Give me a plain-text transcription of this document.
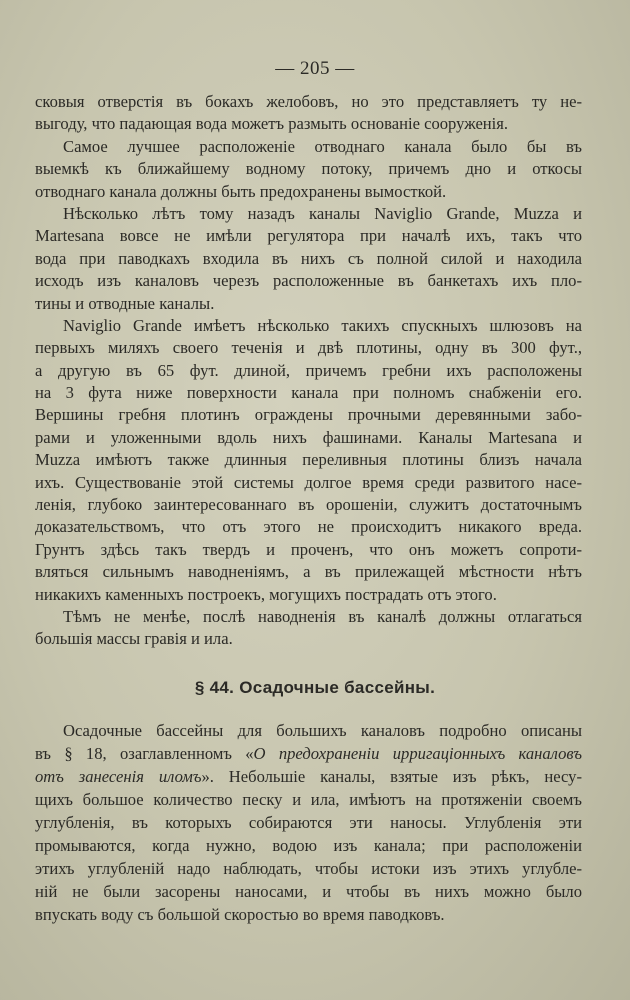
— 205 —
сковыя отверстія въ бокахъ желобовъ, но это представляетъ ту не-
выгоду, что падающая вода можетъ размыть основаніе сооруженія.
Самое лучшее расположеніе отводнаго канала было бы въ
выемкѣ къ ближайшему водному потоку, причемъ дно и откосы
отводнаго канала должны быть предохранены вымосткой.
Нѣсколько лѣтъ тому назадъ каналы Naviglio Grande, Muzza и
Martesana вовсе не имѣли регулятора при началѣ ихъ, такъ что
вода при паводкахъ входила въ нихъ съ полной силой и находила
исходъ изъ каналовъ черезъ расположенные въ банкетахъ ихъ пло-
тины и отводные каналы.
Naviglio Grande имѣетъ нѣсколько такихъ спускныхъ шлюзовъ на
первыхъ миляхъ своего теченія и двѣ плотины, одну въ 300 фут.,
а другую въ 65 фут. длиной, причемъ гребни ихъ расположены
на 3 фута ниже поверхности канала при полномъ снабженіи его.
Вершины гребня плотинъ ограждены прочными деревянными забо-
рами и уложенными вдоль нихъ фашинами. Каналы Martesana и
Muzza имѣютъ также длинныя переливныя плотины близъ начала
ихъ. Существованіе этой системы долгое время среди развитого насе-
ленія, глубоко заинтересованнаго въ орошеніи, служитъ достаточнымъ
доказательствомъ, что отъ этого не происходитъ никакого вреда.
Грунтъ здѣсь такъ твердъ и проченъ, что онъ можетъ сопроти-
вляться сильнымъ наводненіямъ, а въ прилежащей мѣстности нѣтъ
никакихъ каменныхъ построекъ, могущихъ пострадать отъ этого.
Тѣмъ не менѣе, послѣ наводненія въ каналѣ должны отлагаться
большія массы гравія и ила.
§ 44. Осадочные бассейны.
Осадочные бассейны для большихъ каналовъ подробно описаны
въ § 18, озаглавленномъ «О предохраненіи ирригаціонныхъ каналовъ
отъ занесенія иломъ». Небольшіе каналы, взятые изъ рѣкъ, несу-
щихъ большое количество песку и ила, имѣютъ на протяженіи своемъ
углубленія, въ которыхъ собираются эти наносы. Углубленія эти
промываются, когда нужно, водою изъ канала; при расположеніи
этихъ углубленій надо наблюдать, чтобы истоки изъ этихъ углубле-
ній не были засорены наносами, и чтобы въ нихъ можно было
впускать воду съ большой скоростью во время паводковъ.
